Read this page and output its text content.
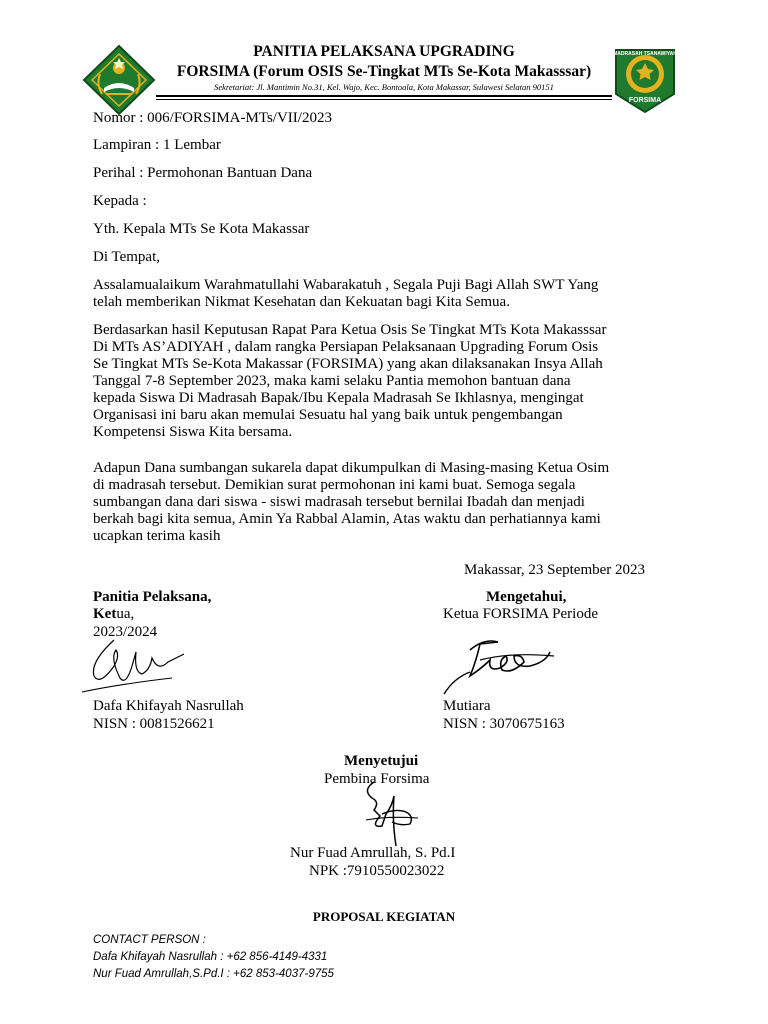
PANITIA PELAKSANA UPGRADING
FORSIMA (Forum OSIS Se-Tingkat MTs Se-Kota Makasssar)
Sekretariat: Jl. Mantimin No.31, Kel. Wajo, Kec. Bontoala, Kota Makassar, Sulawesi Selatan 90151
MADRASAH TSANAWIYAH
FORSIMA
Nomor : 006/FORSIMA-MTs/VII/2023
Lampiran : 1 Lembar
Perihal : Permohonan Bantuan Dana
Kepada :
Yth. Kepala MTs Se Kota Makassar
Di Tempat,
Assalamualaikum Warahmatullahi Wabarakatuh , Segala Puji Bagi Allah SWT Yang
telah memberikan Nikmat Kesehatan dan Kekuatan bagi Kita Semua.
Berdasarkan hasil Keputusan Rapat Para Ketua Osis Se Tingkat MTs Kota Makasssar
Di MTs AS’ADIYAH , dalam rangka Persiapan Pelaksanaan Upgrading Forum Osis
Se Tingkat MTs Se-Kota Makassar (FORSIMA) yang akan dilaksanakan Insya Allah
Tanggal 7-8 September 2023, maka kami selaku Pantia memohon bantuan dana
kepada Siswa Di Madrasah Bapak/Ibu Kepala Madrasah Se Ikhlasnya, mengingat
Organisasi ini baru akan memulai Sesuatu hal yang baik untuk pengembangan
Kompetensi Siswa Kita bersama.
Adapun Dana sumbangan sukarela dapat dikumpulkan di Masing-masing Ketua Osim
di madrasah tersebut. Demikian surat permohonan ini kami buat. Semoga segala
sumbangan dana dari siswa - siswi madrasah tersebut bernilai Ibadah dan menjadi
berkah bagi kita semua, Amin Ya Rabbal Alamin, Atas waktu dan perhatiannya kami
ucapkan terima kasih
Makassar, 23 September 2023
Panitia Pelaksana,
Ketua,
2023/2024
Dafa Khifayah Nasrullah
NISN : 0081526621
Mengetahui,
Ketua FORSIMA Periode
Mutiara
NISN : 3070675163
Menyetujui
Pembina Forsima
Nur Fuad Amrullah, S. Pd.I
NPK :7910550023022
PROPOSAL KEGIATAN
CONTACT PERSON :
Dafa Khifayah Nasrullah : +62 856-4149-4331
Nur Fuad Amrullah,S.Pd.I : +62 853-4037-9755
